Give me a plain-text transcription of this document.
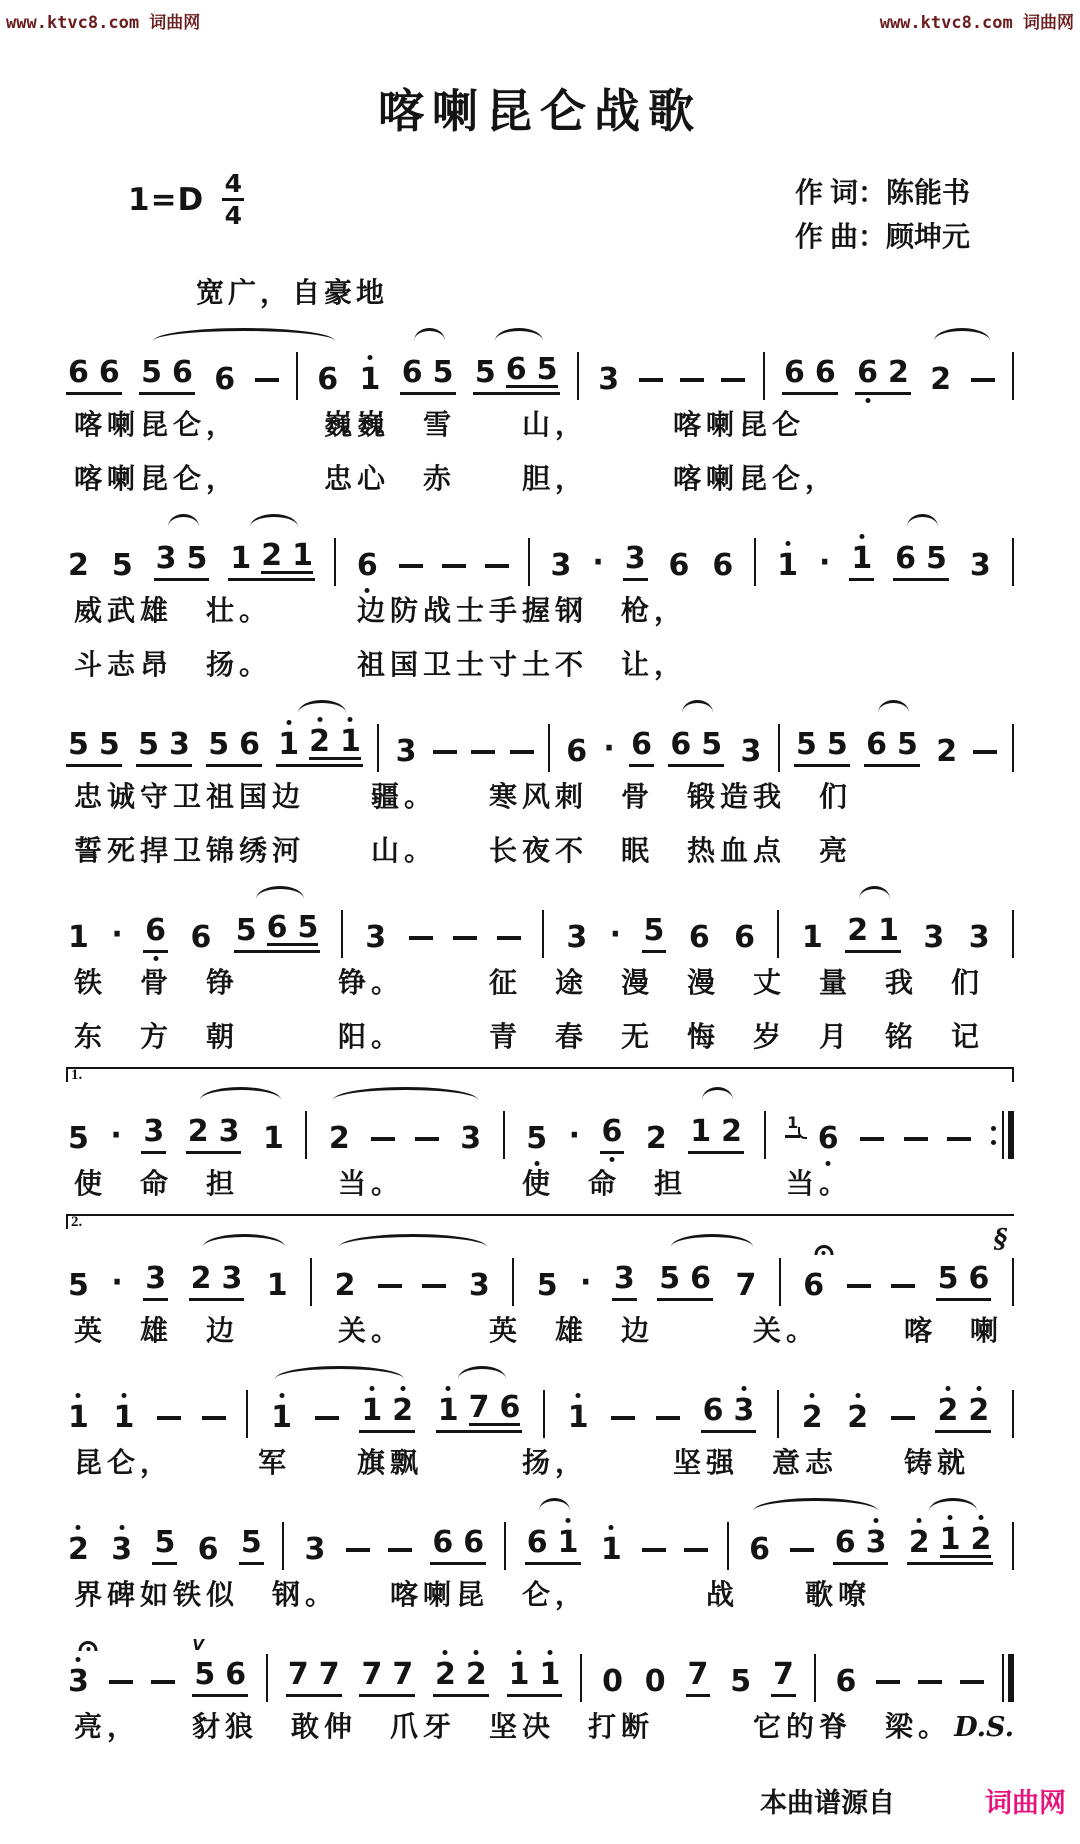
www.ktvc8.com 词曲网	www.ktvc8.com 词曲网
喀喇昆仑战歌
1=D 4
4
作 词：陈能书
作 曲：顾坤元
宽广，自豪地
6 6 5 6 6	6 1 6 5 5 6 5 3	6 6 6 2 2
喀喇昆仑，　　　巍巍　雪　　山，　　　喀喇昆仑
喀喇昆仑，　　　忠心　赤　　胆，　　　喀喇昆仑，
2 5 3 5 1 2 1 6	3 · 3 6 6 1 · 1 6 5 3
威武雄　壮。　　　边防战士手握钢　枪，
斗志昂　扬。　　　祖国卫士寸土不　让，
5 5 5 3 5 6 1 2 1 3	6 · 6 6 5 3 5 5 6 5 2
忠诚守卫祖国边　　疆。　　寒风刺　骨　锻造我　们
誓死捍卫锦绣河　　山。　　长夜不　眠　热血点　亮
1 · 6 6 5 6 5 3	3 · 5 6 6 1 2 1 3 3
铁　骨　铮　　　铮。　　　征　途　漫　漫　丈　量　我　们
东　方　朝　　　阳。　　　青　春　无　悔　岁　月　铭　记
1.
5 · 3 2 3 1 2	3 5 · 6 2 1 2	1 6
使　命　担　　　当。　　　　使　命　担　　　当。
2.
5 · 3 2 3 1 2	3 5 · 3 5 6 7 6	5 6
§
英　雄　边　　　关。　　　英　雄　边　　　关。　　　喀　喇
1 1	1 1 2 1 7 6 1	6 3 2 2 2 2
昆仑，　　　军　　旗飘　　　扬，　　　坚强　意志　　铸就
2 3 5 6 5 3	6 6 6 1 1	6 6 3 2 1 2
界碑如铁似　钢。　　喀喇昆　仑，　　　　战　　歌嘹
3	5 6
V
7 7 7 7 2 2 1 1 0 0 7 5 7 6
亮，　　豺狼　敢伸　爪牙　坚决　打断　　　它的脊　梁。 D.S.
本曲谱源自	词曲网
